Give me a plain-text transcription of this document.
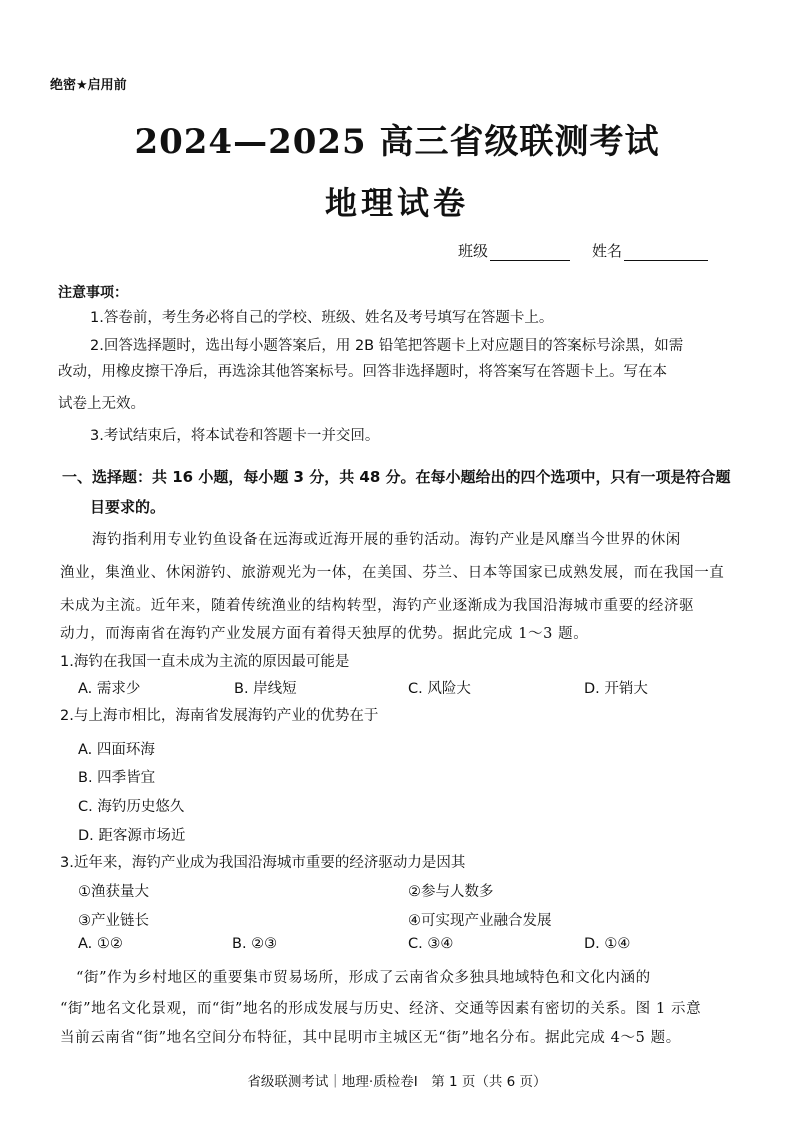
绝密★启用前
2024—2025 高三省级联测考试
地理试卷
班级	姓名
注意事项：
1.答卷前，考生务必将自己的学校、班级、姓名及考号填写在答题卡上。
2.回答选择题时，选出每小题答案后，用 2B 铅笔把答题卡上对应题目的答案标号涂黑，如需
改动，用橡皮擦干净后，再选涂其他答案标号。回答非选择题时，将答案写在答题卡上。写在本
试卷上无效。
3.考试结束后，将本试卷和答题卡一并交回。
一、选择题：共 16 小题，每小题 3 分，共 48 分。在每小题给出的四个选项中，只有一项是符合题
目要求的。
海钓指利用专业钓鱼设备在远海或近海开展的垂钓活动。海钓产业是风靡当今世界的休闲
渔业，集渔业、休闲游钓、旅游观光为一体，在美国、芬兰、日本等国家已成熟发展，而在我国一直
未成为主流。近年来，随着传统渔业的结构转型，海钓产业逐渐成为我国沿海城市重要的经济驱
动力，而海南省在海钓产业发展方面有着得天独厚的优势。据此完成 1～3 题。
1.海钓在我国一直未成为主流的原因最可能是
A. 需求少	B. 岸线短	C. 风险大	D. 开销大
2.与上海市相比，海南省发展海钓产业的优势在于
A. 四面环海
B. 四季皆宜
C. 海钓历史悠久
D. 距客源市场近
3.近年来，海钓产业成为我国沿海城市重要的经济驱动力是因其
①渔获量大	②参与人数多
③产业链长	④可实现产业融合发展
A. ①②	B. ②③	C. ③④	D. ①④
“街”作为乡村地区的重要集市贸易场所，形成了云南省众多独具地域特色和文化内涵的
“街”地名文化景观，而“街”地名的形成发展与历史、经济、交通等因素有密切的关系。图 1 示意
当前云南省“街”地名空间分布特征，其中昆明市主城区无“街”地名分布。据此完成 4～5 题。
省级联测考试｜地理·质检卷Ⅰ　第 1 页（共 6 页）
